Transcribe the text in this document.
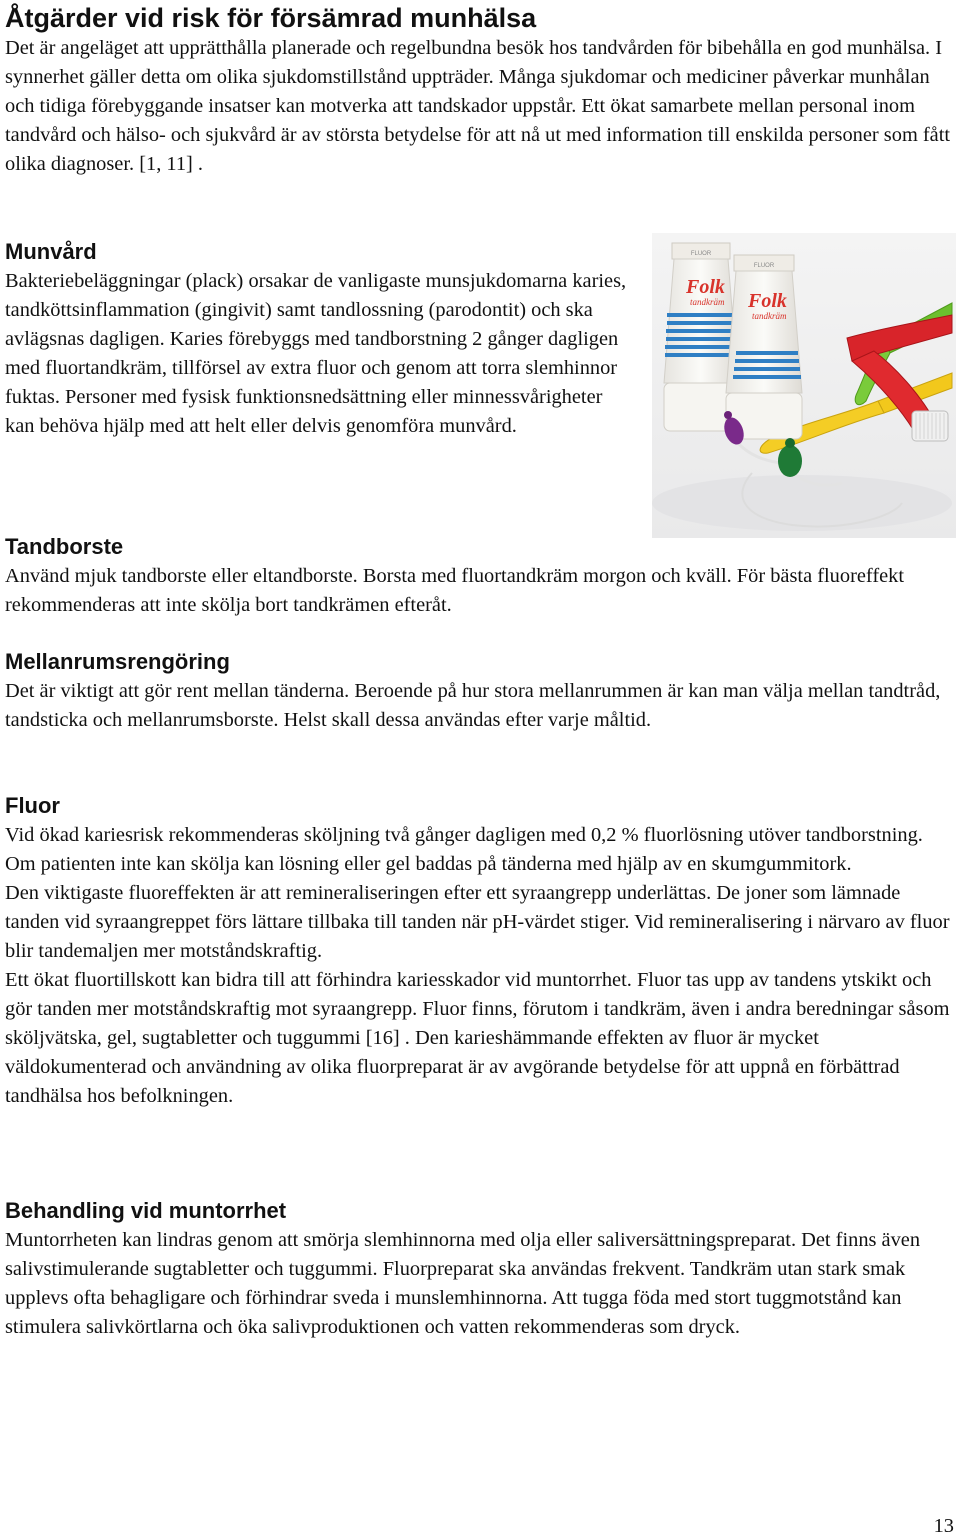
Åtgärder vid risk för försämrad munhälsa

Det är angeläget att upprätthålla planerade och regelbundna besök hos tandvården för bibehålla en god munhälsa. I synnerhet gäller detta om olika sjukdomstillstånd uppträder. Många sjukdomar och mediciner påverkar munhålan och tidiga förebyggande insatser kan motverka att tandskador uppstår. Ett ökat samarbete mellan personal inom tandvård och hälso- och sjukvård är av största betydelse för att nå ut med information till enskilda personer som fått olika diagnoser. [1, 11] .

Munvård

Bakteriebeläggningar (plack) orsakar de vanligaste munsjukdomarna karies, tandköttsinflammation (gingivit) samt tandlossning (parodontit) och ska avlägsnas dagligen. Karies förebyggs med tandborstning 2 gånger dagligen med fluortandkräm, tillförsel av extra fluor och genom att torra slemhinnor fuktas. Personer med fysisk funktionsnedsättning eller minnessvårigheter kan behöva hjälp med att helt eller delvis genomföra munvård.

FLUOR
Folk
tandkräm
FLUOR
Folk
tandkräm
Tandborste

Använd mjuk tandborste eller eltandborste. Borsta med fluortandkräm morgon och kväll. För bästa fluoreffekt rekommenderas att inte skölja bort tandkrämen efteråt.

Mellanrumsrengöring

Det är viktigt att gör rent mellan tänderna. Beroende på hur stora mellanrummen är kan man välja mellan tandtråd, tandsticka och mellanrumsborste. Helst skall dessa användas efter varje måltid.

Fluor

Vid ökad kariesrisk rekommenderas sköljning två gånger dagligen med 0,2 % fluorlösning utöver tandborstning. Om patienten inte kan skölja kan lösning eller gel baddas på tänderna med hjälp av en skumgummitork.

Den viktigaste fluoreffekten är att remineraliseringen efter ett syraangrepp underlättas. De joner som lämnade tanden vid syraangreppet förs lättare tillbaka till tanden när pH-värdet stiger. Vid remineralisering i närvaro av fluor blir tandemaljen mer motståndskraftig.

Ett ökat fluortillskott kan bidra till att förhindra kariesskador vid muntorrhet. Fluor tas upp av tandens ytskikt och gör tanden mer motståndskraftig mot syraangrepp. Fluor finns, förutom i tandkräm, även i andra beredningar såsom sköljvätska, gel, sugtabletter och tuggummi [16] . Den karieshämmande effekten av fluor är mycket väldokumenterad och användning av olika fluorpreparat är av avgörande betydelse för att uppnå en förbättrad tandhälsa hos befolkningen.

Behandling vid muntorrhet

Muntorrheten kan lindras genom att smörja slemhinnorna med olja eller saliversättningspreparat. Det finns även salivstimulerande sugtabletter och tuggummi. Fluorpreparat ska användas frekvent. Tandkräm utan stark smak upplevs ofta behagligare och förhindrar sveda i munslemhinnorna. Att tugga föda med stort tuggmotstånd kan stimulera salivkörtlarna och öka salivproduktionen och vatten rekommenderas som dryck.

13
